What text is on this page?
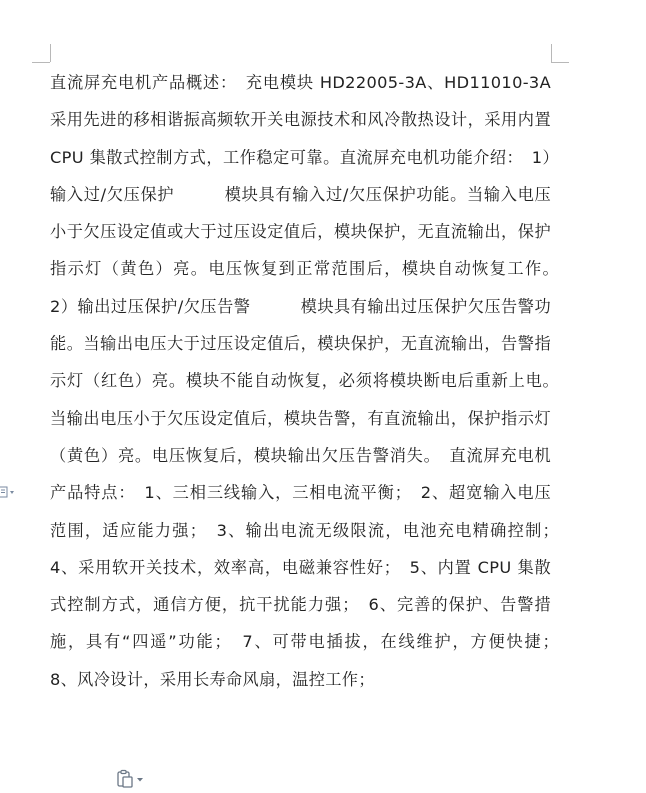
直流屏充电机产品概述：　充电模块 HD22005-3A、HD11010-3A 采用先进的移相谐振高频软开关电源技术和风冷散热设计，采用内置 CPU 集散式控制方式，工作稳定可靠。直流屏充电机功能介绍：　1）输入过/欠压保护　　　模块具有输入过/欠压保护功能。当输入电压小于欠压设定值或大于过压设定值后，模块保护，无直流输出，保护指示灯（黄色）亮。电压恢复到正常范围后，模块自动恢复工作。　2）输出过压保护/欠压告警　　　模块具有输出过压保护欠压告警功能。当输出电压大于过压设定值后，模块保护，无直流输出，告警指示灯（红色）亮。模块不能自动恢复，必须将模块断电后重新上电。　　　当输出电压小于欠压设定值后，模块告警，有直流输出，保护指示灯（黄色）亮。电压恢复后，模块输出欠压告警消失。　直流屏充电机产品特点：　1、三相三线输入，三相电流平衡；　2、超宽输入电压范围，适应能力强；　3、输出电流无级限流，电池充电精确控制；　4、采用软开关技术，效率高，电磁兼容性好；　5、内置 CPU 集散式控制方式，通信方便，抗干扰能力强；　6、完善的保护、告警措施，具有“四遥”功能；　7、可带电插拔，在线维护，方便快捷；　8、风冷设计，采用长寿命风扇，温控工作；
